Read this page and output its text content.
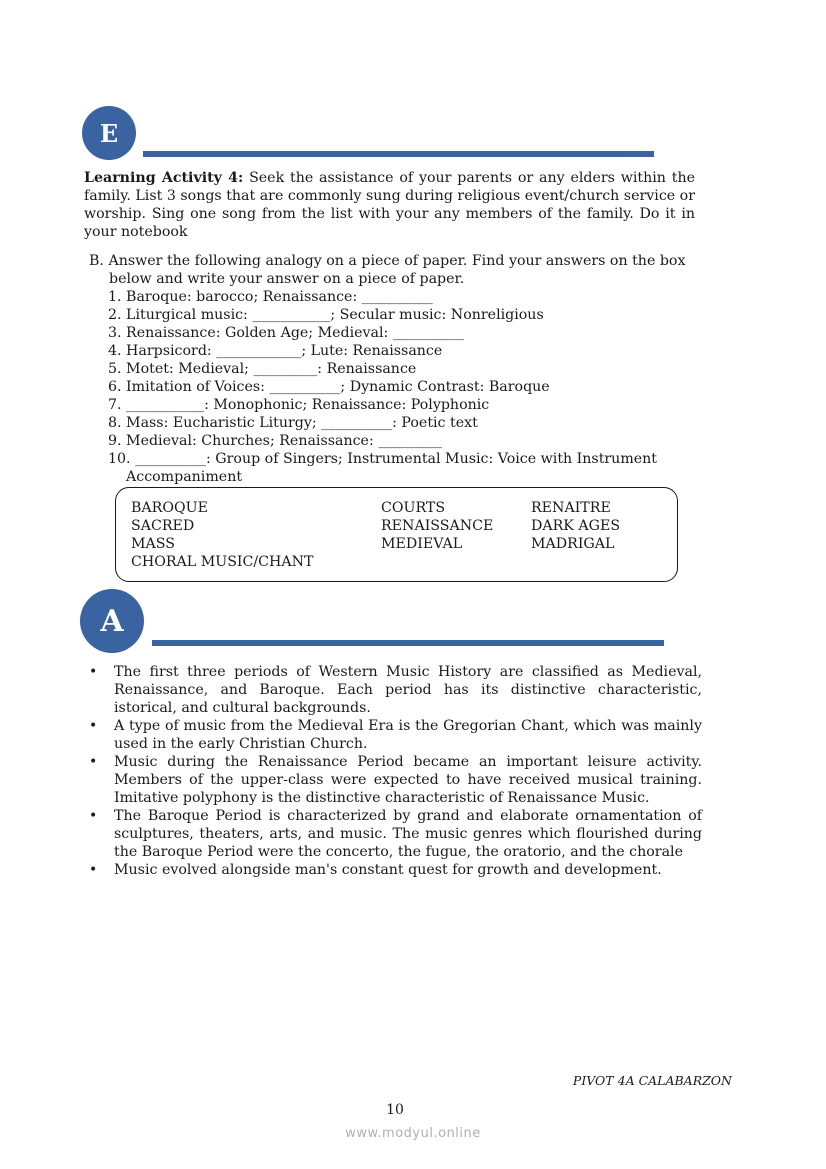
E

Learning Activity 4: Seek the assistance of your parents or any elders within the family. List 3 songs that are commonly sung during religious event/church service or worship. Sing one song from the list with your any members of the family. Do it in your notebook

B. Answer the following analogy on a piece of paper. Find your answers on the box below and write your answer on a piece of paper.

1. Baroque: barocco; Renaissance: __________
2. Liturgical music: ___________; Secular music: Nonreligious
3. Renaissance: Golden Age; Medieval: __________
4. Harpsicord: ____________; Lute: Renaissance
5. Motet: Medieval; _________: Renaissance
6. Imitation of Voices: __________; Dynamic Contrast: Baroque
7. ___________: Monophonic; Renaissance: Polyphonic
8. Mass: Eucharistic Liturgy; __________: Poetic text
9. Medieval: Churches; Renaissance: _________
10. __________: Group of Singers; Instrumental Music: Voice with Instrument Accompaniment
BAROQUE
SACRED
MASS
CHORAL MUSIC/CHANT
COURTS
RENAISSANCE
MEDIEVAL
RENAITRE
DARK AGES
MADRIGAL
A
• The first three periods of Western Music History are classified as Medieval, Renaissance, and Baroque. Each period has its distinctive characteristic, istorical, and cultural backgrounds.
• A type of music from the Medieval Era is the Gregorian Chant, which was mainly used in the early Christian Church.
• Music during the Renaissance Period became an important leisure activity. Members of the upper-class were expected to have received musical training. Imitative polyphony is the distinctive characteristic of Renaissance Music.
• The Baroque Period is characterized by grand and elaborate ornamentation of sculptures, theaters, arts, and music. The music genres which flourished during the Baroque Period were the concerto, the fugue, the oratorio, and the chorale
• Music evolved alongside man's constant quest for growth and development.
PIVOT 4A CALABARZON
10
www.modyul.online
